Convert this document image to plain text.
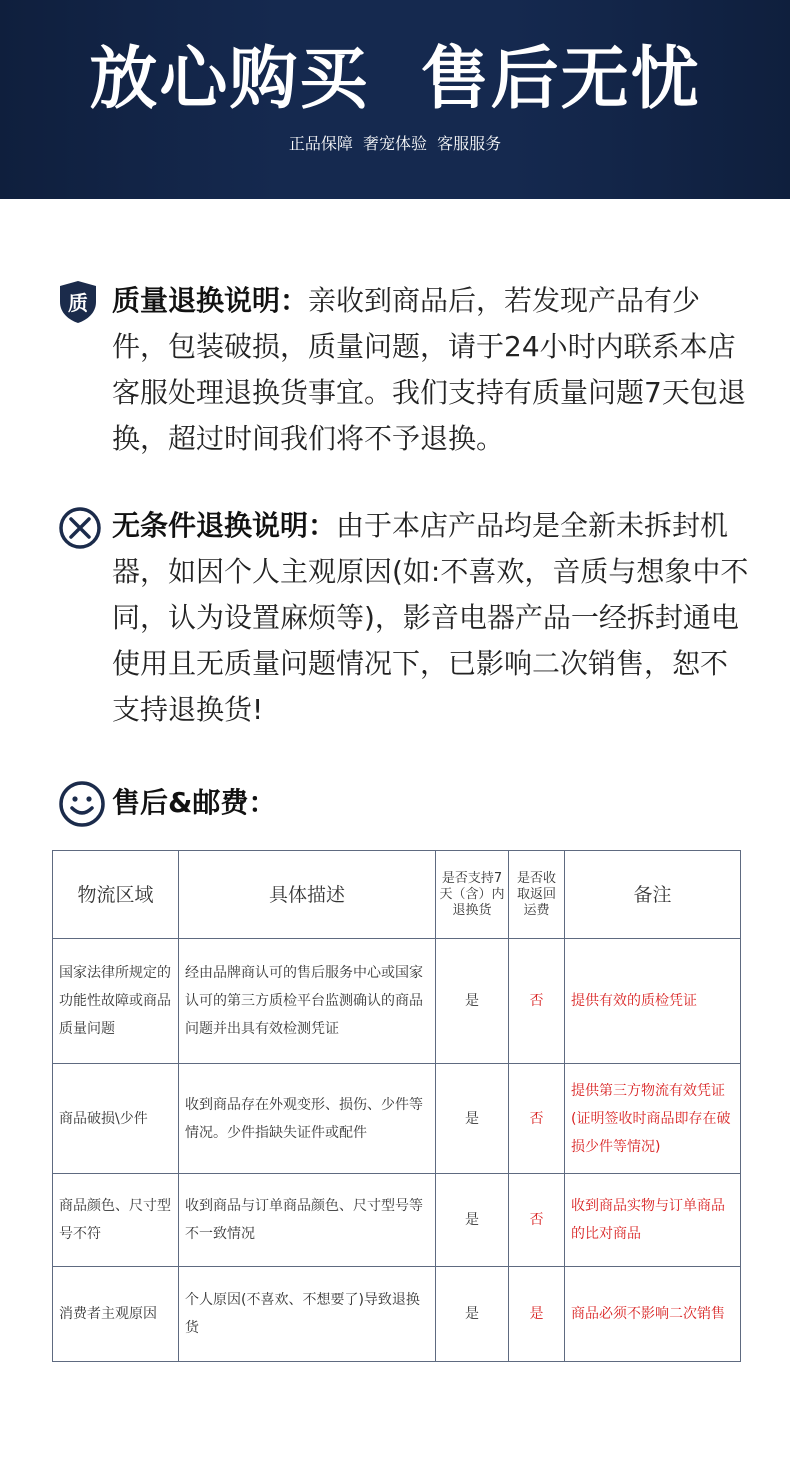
放心购买  售后无忧
正品保障  奢宠体验  客服服务
质 质量退换说明：亲收到商品后，若发现产品有少件，包装破损，质量问题，请于24小时内联系本店客服处理退换货事宜。我们支持有质量问题7天包退换，超过时间我们将不予退换。
无条件退换说明：由于本店产品均是全新未拆封机器，如因个人主观原因(如:不喜欢，音质与想象中不同，认为设置麻烦等)，影音电器产品一经拆封通电使用且无质量问题情况下，已影响二次销售，恕不支持退换货!
售后&邮费：
物流区域	具体描述	是否支持7天（含）内退换货	是否收取返回运费	备注
国家法律所规定的功能性故障或商品质量问题	经由品牌商认可的售后服务中心或国家认可的第三方质检平台监测确认的商品问题并出具有效检测凭证	是	否	提供有效的质检凭证
商品破损\少件	收到商品存在外观变形、损伤、少件等情况。少件指缺失证件或配件	是	否	提供第三方物流有效凭证(证明签收时商品即存在破损少件等情况)
商品颜色、尺寸型号不符	收到商品与订单商品颜色、尺寸型号等不一致情况	是	否	收到商品实物与订单商品的比对商品
消费者主观原因	个人原因(不喜欢、不想要了)导致退换货	是	是	商品必须不影响二次销售
